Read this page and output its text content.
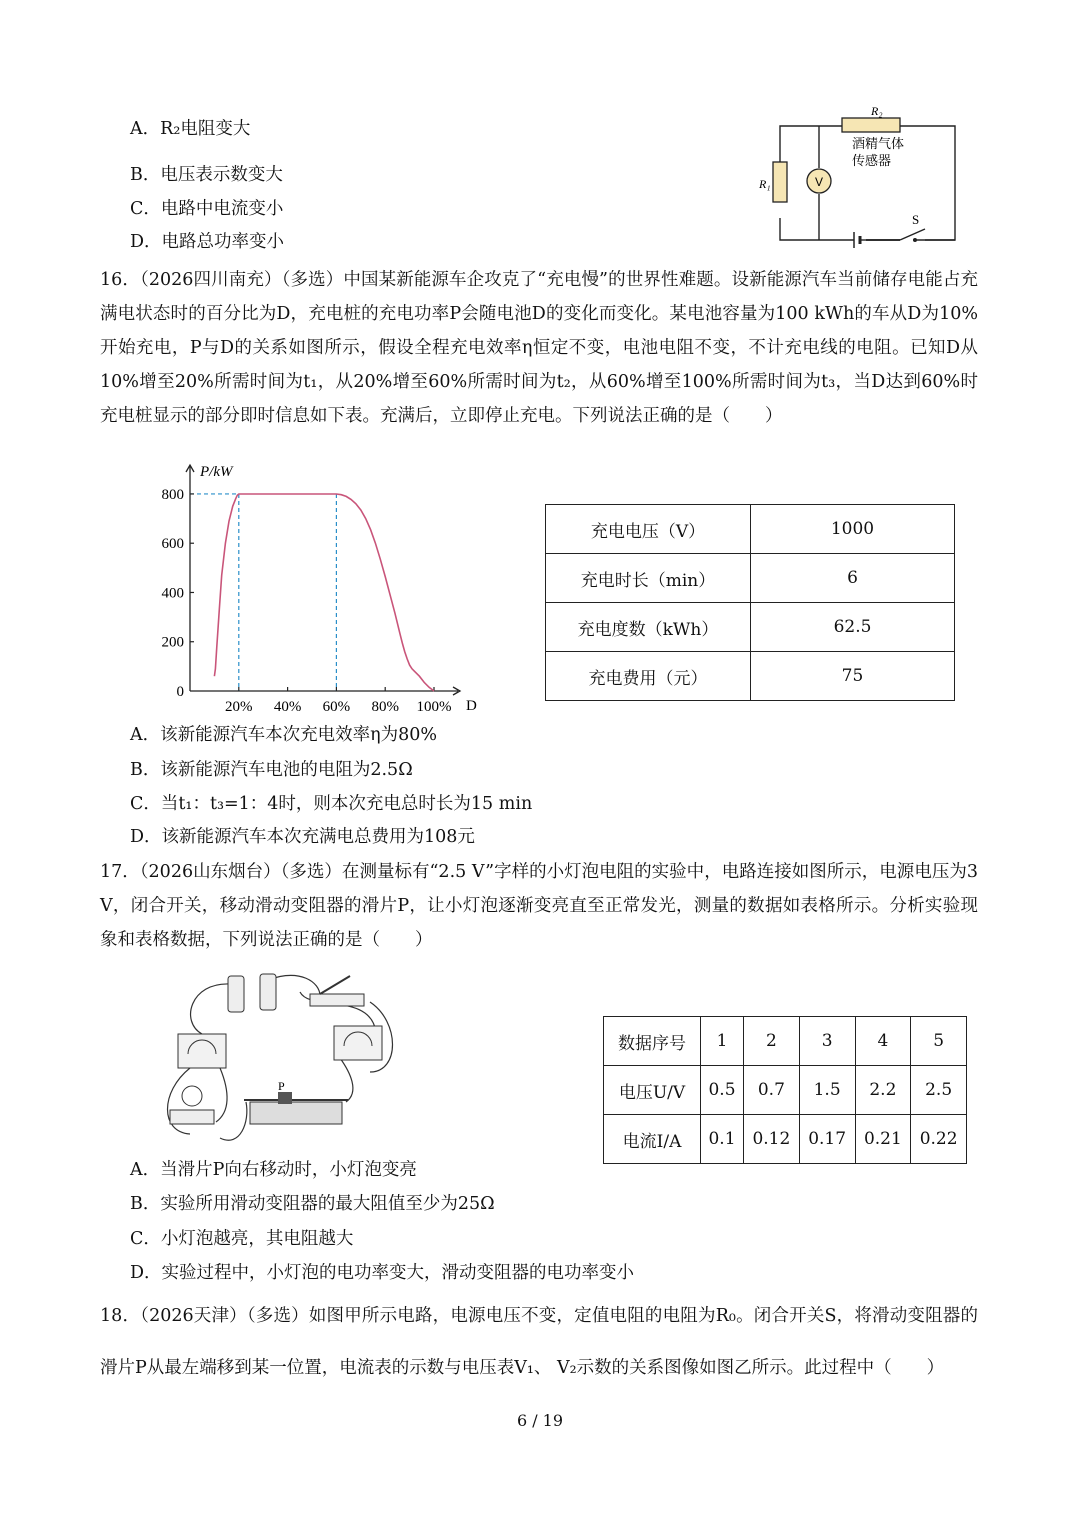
A．R₂电阻变大
B．电压表示数变大
C．电路中电流变小
D．电路总功率变小
R₂
R₁
酒精气体
传感器
V
S
16．（2026四川南充）（多选）中国某新能源车企攻克了“充电慢”的世界性难题。设新能源汽车当前储存电能占充满电状态时的百分比为D，充电桩的充电功率P会随电池D的变化而变化。某电池容量为100 kWh的车从D为10%开始充电，P与D的关系如图所示，假设全程充电效率η恒定不变，电池电阻不变，不计充电线的电阻。已知D从10%增至20%所需时间为t₁，从20%增至60%所需时间为t₂，从60%增至100%所需时间为t₃，当D达到60%时充电桩显示的部分即时信息如下表。充满后，立即停止充电。下列说法正确的是（　　）
0
200
400
600
800
20% 40% 60% 80% 100%
P/kW
D
充电电压（V）	1000
充电时长（min）	6
充电度数（kWh）	62.5
充电费用（元）	75
A．该新能源汽车本次充电效率η为80%
B．该新能源汽车电池的电阻为2.5Ω
C．当t₁：t₃=1：4时，则本次充电总时长为15 min
D．该新能源汽车本次充满电总费用为108元
17．（2026山东烟台）（多选）在测量标有“2.5 V”字样的小灯泡电阻的实验中，电路连接如图所示，电源电压为3 V，闭合开关，移动滑动变阻器的滑片P，让小灯泡逐渐变亮直至正常发光，测量的数据如表格所示。分析实验现象和表格数据，下列说法正确的是（　　）
P
数据序号	1	2	3	4	5
电压U/V	0.5	0.7	1.5	2.2	2.5
电流I/A	0.1	0.12	0.17	0.21	0.22
A．当滑片P向右移动时，小灯泡变亮
B．实验所用滑动变阻器的最大阻值至少为25Ω
C．小灯泡越亮，其电阻越大
D．实验过程中，小灯泡的电功率变大，滑动变阻器的电功率变小
18．（2026天津）（多选）如图甲所示电路，电源电压不变，定值电阻的电阻为R₀。闭合开关S，将滑动变阻器的滑片P从最左端移到某一位置，电流表的示数与电压表V₁、 V₂示数的关系图像如图乙所示。此过程中（　　）
6 / 19
